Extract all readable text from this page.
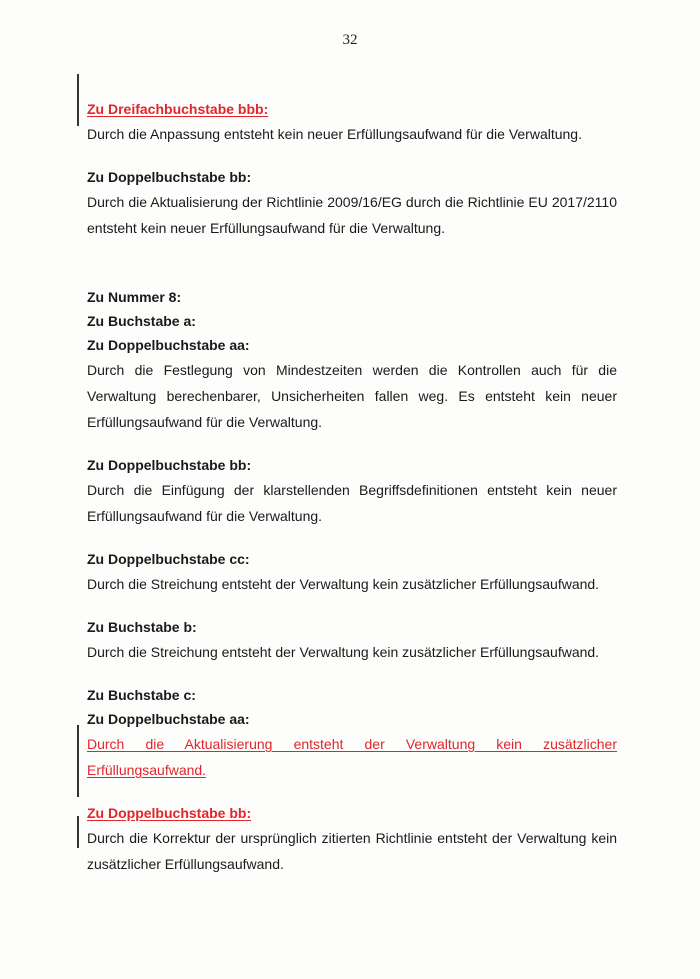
32

Zu Dreifachbuchstabe bbb:

Durch die Anpassung entsteht kein neuer Erfüllungsaufwand für die Verwaltung.

Zu Doppelbuchstabe bb:

Durch die Aktualisierung der Richtlinie 2009/16/EG durch die Richtlinie EU 2017/2110 entsteht kein neuer Erfüllungsaufwand für die Verwaltung.

Zu Nummer 8:

Zu Buchstabe a:

Zu Doppelbuchstabe aa:

Durch die Festlegung von Mindestzeiten werden die Kontrollen auch für die Verwaltung berechenbarer, Unsicherheiten fallen weg. Es entsteht kein neuer Erfüllungsaufwand für die Verwaltung.

Zu Doppelbuchstabe bb:

Durch die Einfügung der klarstellenden Begriffsdefinitionen entsteht kein neuer Erfüllungsaufwand für die Verwaltung.

Zu Doppelbuchstabe cc:

Durch die Streichung entsteht der Verwaltung kein zusätzlicher Erfüllungsaufwand.

Zu Buchstabe b:

Durch die Streichung entsteht der Verwaltung kein zusätzlicher Erfüllungsaufwand.

Zu Buchstabe c:

Zu Doppelbuchstabe aa:

Durch die Aktualisierung entsteht der Verwaltung kein zusätzlicher Erfüllungsaufwand.

Zu Doppelbuchstabe bb:

Durch die Korrektur der ursprünglich zitierten Richtlinie entsteht der Verwaltung kein zusätzlicher Erfüllungsaufwand.
